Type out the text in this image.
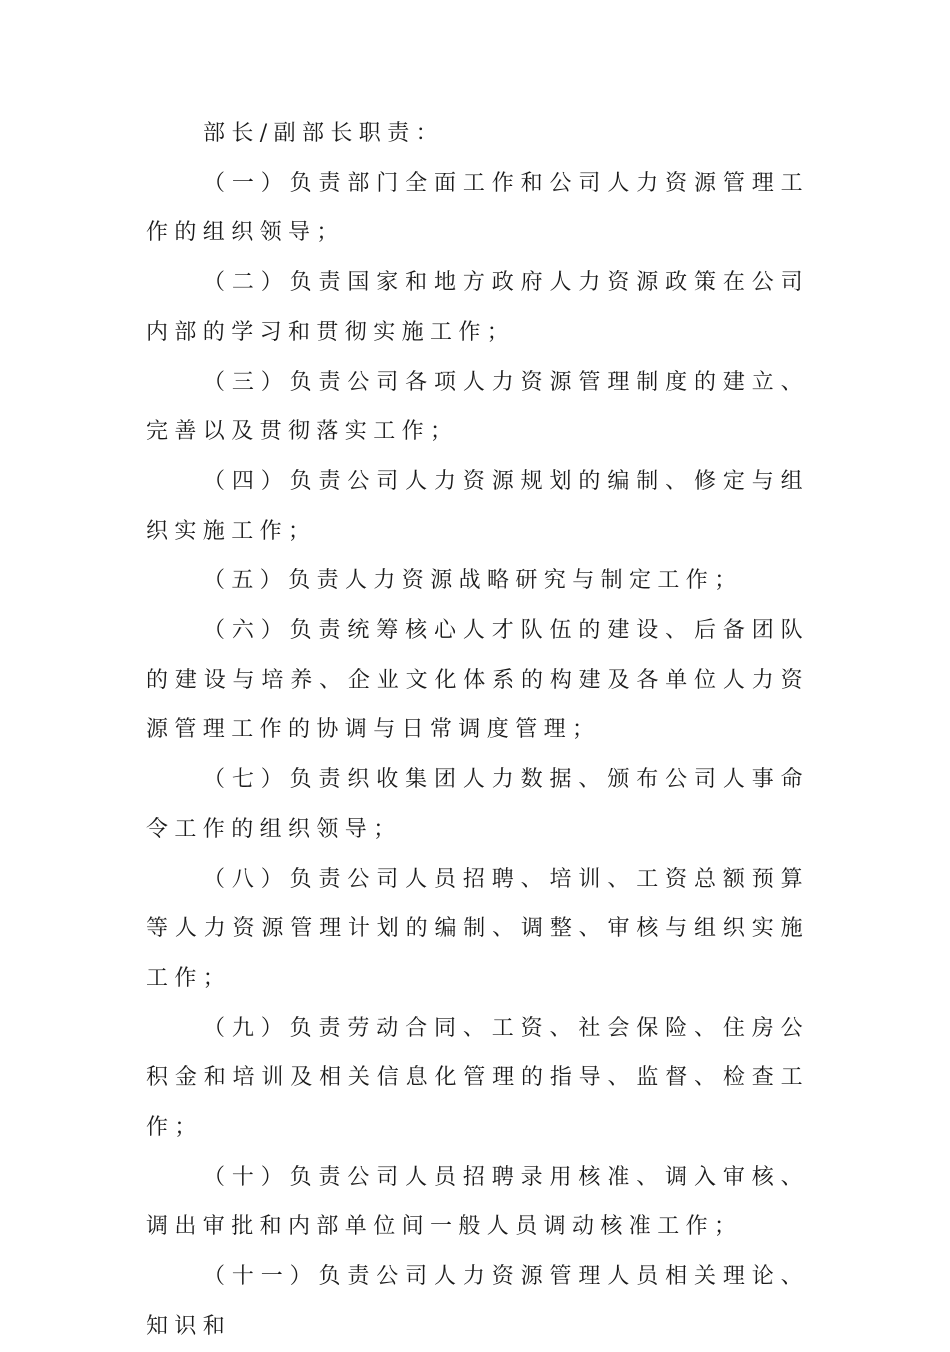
部长/副部长职责：

（一）负责部门全面工作和公司人力资源管理工作的组织领导；

（二）负责国家和地方政府人力资源政策在公司内部的学习和贯彻实施工作；

（三）负责公司各项人力资源管理制度的建立、完善以及贯彻落实工作；

（四）负责公司人力资源规划的编制、修定与组织实施工作；

（五）负责人力资源战略研究与制定工作；

（六）负责统筹核心人才队伍的建设、后备团队的建设与培养、企业文化体系的构建及各单位人力资源管理工作的协调与日常调度管理；

（七）负责织收集团人力数据、颁布公司人事命令工作的组织领导；

（八）负责公司人员招聘、培训、工资总额预算等人力资源管理计划的编制、调整、审核与组织实施工作；

（九）负责劳动合同、工资、社会保险、住房公积金和培训及相关信息化管理的指导、监督、检查工作；

（十）负责公司人员招聘录用核准、调入审核、调出审批和内部单位间一般人员调动核准工作；

（十一）负责公司人力资源管理人员相关理论、知识和
